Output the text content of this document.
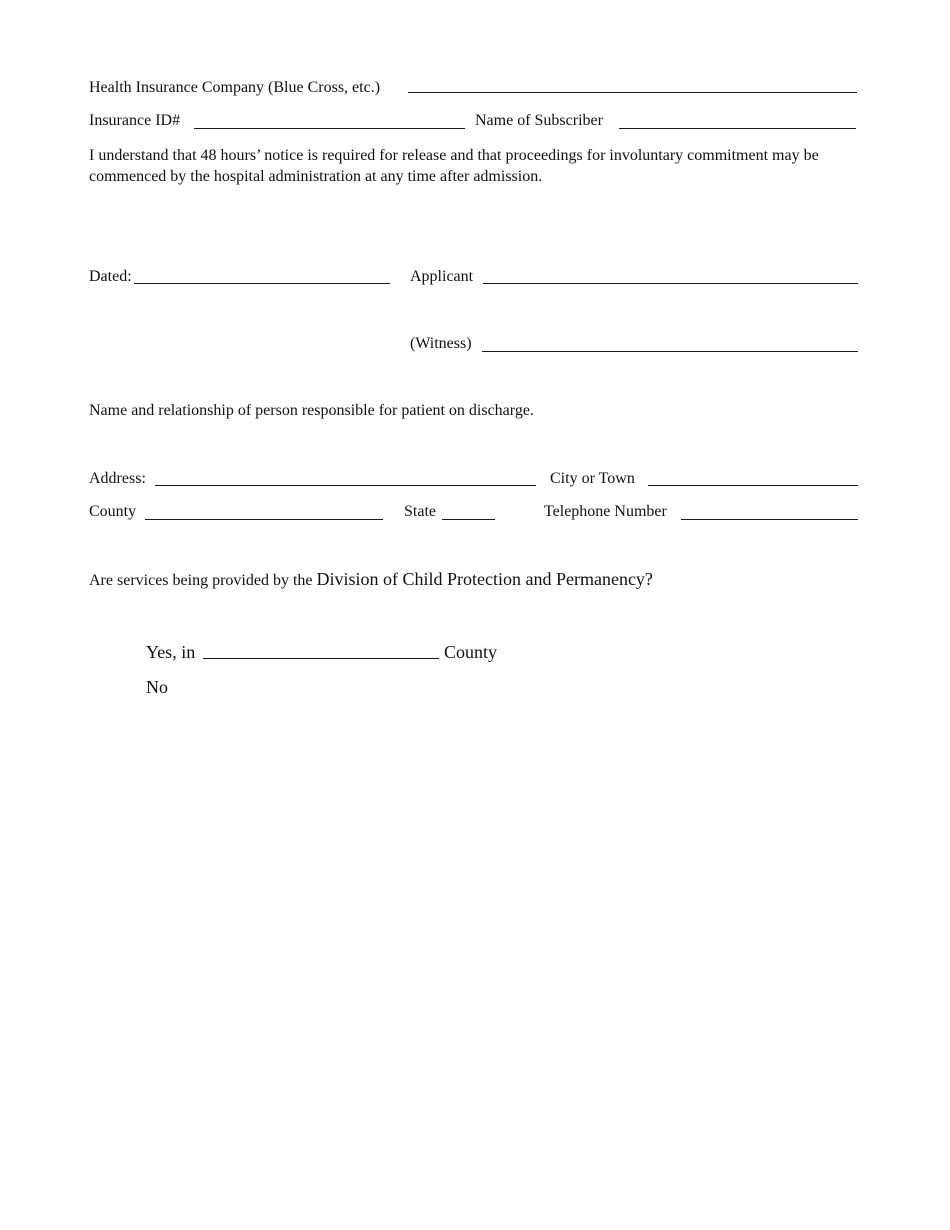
Health Insurance Company (Blue Cross, etc.)
Insurance ID#	Name of Subscriber
I understand that 48 hours’ notice is required for release and that proceedings for involuntary commitment may be commenced by the hospital administration at any time after admission.
Dated:	Applicant
(Witness)
Name and relationship of person responsible for patient on discharge.
Address:	City or Town
County	State	Telephone Number
Are services being provided by the Division of Child Protection and Permanency?
Yes, in	County
No
